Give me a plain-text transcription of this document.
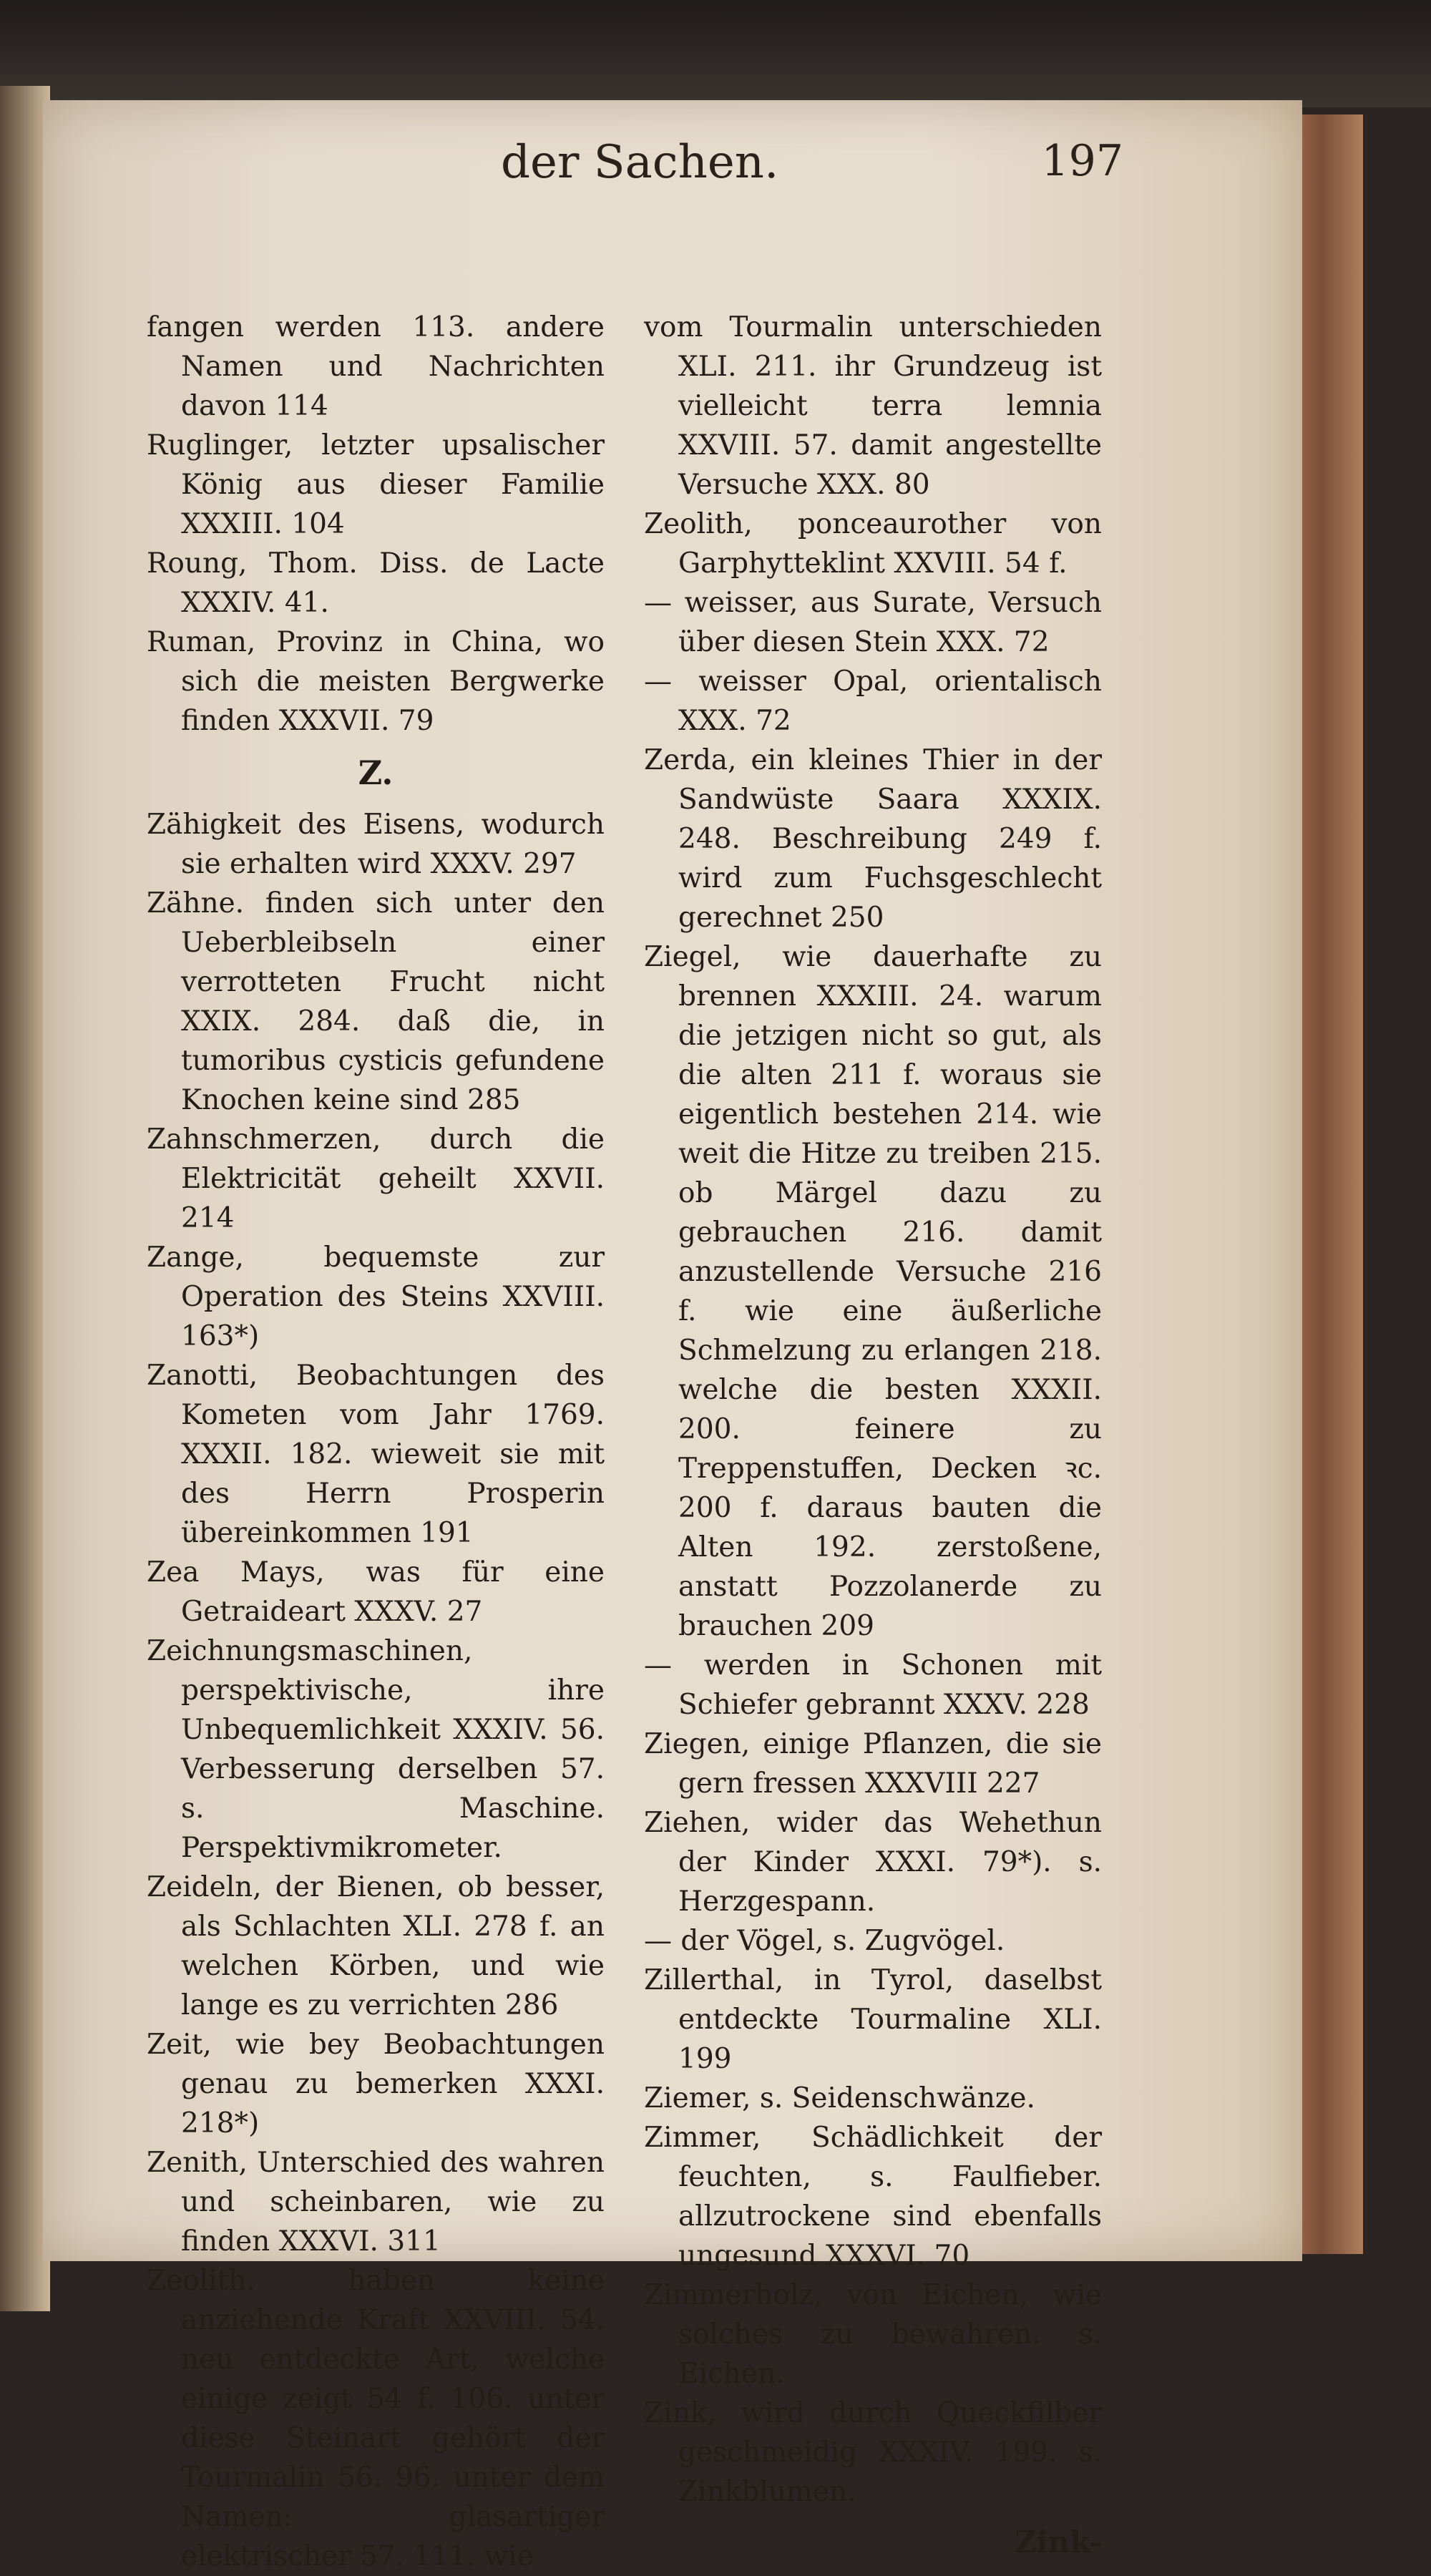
der Sachen.	197

fangen werden 113. andere Namen und Nachrichten davon 114

Ruglinger, letzter upsalischer König aus dieser Familie XXXIII. 104

Roung, Thom. Diss. de Lacte XXXIV. 41.

Ruman, Provinz in China, wo sich die meisten Bergwerke finden XXXVII. 79

Z.

Zähigkeit des Eisens, wodurch sie erhalten wird XXXV. 297

Zähne. finden sich unter den Ueberbleibseln einer verrotteten Frucht nicht XXIX. 284. daß die, in tumoribus cysticis gefundene Knochen keine sind 285

Zahnschmerzen, durch die Elektricität geheilt XXVII. 214

Zange, bequemste zur Operation des Steins XXVIII. 163*)

Zanotti, Beobachtungen des Kometen vom Jahr 1769. XXXII. 182. wieweit sie mit des Herrn Prosperin übereinkommen 191

Zea Mays, was für eine Getraideart XXXV. 27

Zeichnungsmaschinen, perspektivische, ihre Unbequemlichkeit XXXIV. 56. Verbesserung derselben 57. s. Maschine. Perspektivmikrometer.

Zeideln, der Bienen, ob besser, als Schlachten XLI. 278 f. an welchen Körben, und wie lange es zu verrichten 286

Zeit, wie bey Beobachtungen genau zu bemerken XXXI. 218*)

Zenith, Unterschied des wahren und scheinbaren, wie zu finden XXXVI. 311

Zeolith. haben keine anziehende Kraft XXVIII. 54. neu entdeckte Art, welche einige zeigt 54 f. 106. unter diese Steinart gehört der Tourmalin 56. 96. unter dem Namen: glasartiger elektrischer 57. 111. wie

vom Tourmalin unterschieden XLI. 211. ihr Grundzeug ist vielleicht terra lemnia XXVIII. 57. damit angestellte Versuche XXX. 80

Zeolith, ponceaurother von Garphytteklint XXVIII. 54 f.

— weisser, aus Surate, Versuch über diesen Stein XXX. 72

— weisser Opal, orientalisch XXX. 72

Zerda, ein kleines Thier in der Sandwüste Saara XXXIX. 248. Beschreibung 249 f. wird zum Fuchsgeschlecht gerechnet 250

Ziegel, wie dauerhafte zu brennen XXXIII. 24. warum die jetzigen nicht so gut, als die alten 211 f. woraus sie eigentlich bestehen 214. wie weit die Hitze zu treiben 215. ob Märgel dazu zu gebrauchen 216. damit anzustellende Versuche 216 f. wie eine äußerliche Schmelzung zu erlangen 218. welche die besten XXXII. 200. feinere zu Treppenstuffen, Decken ꝛc. 200 f. daraus bauten die Alten 192. zerstoßene, anstatt Pozzolanerde zu brauchen 209

— werden in Schonen mit Schiefer gebrannt XXXV. 228

Ziegen, einige Pflanzen, die sie gern fressen XXXVIII 227

Ziehen, wider das Wehethun der Kinder XXXI. 79*). s. Herzgespann.

— der Vögel, s. Zugvögel.

Zillerthal, in Tyrol, daselbst entdeckte Tourmaline XLI. 199

Ziemer, s. Seidenschwänze.

Zimmer, Schädlichkeit der feuchten, s. Faulfieber. allzutrockene sind ebenfalls ungesund XXXVI. 70

Zimmerholz, von Eichen, wie solches zu bewahren. s. Eichen.

Zink, wird durch Queckfilber geschmeidig XXXIV. 199. s. Zinkblumen.

Zink-
